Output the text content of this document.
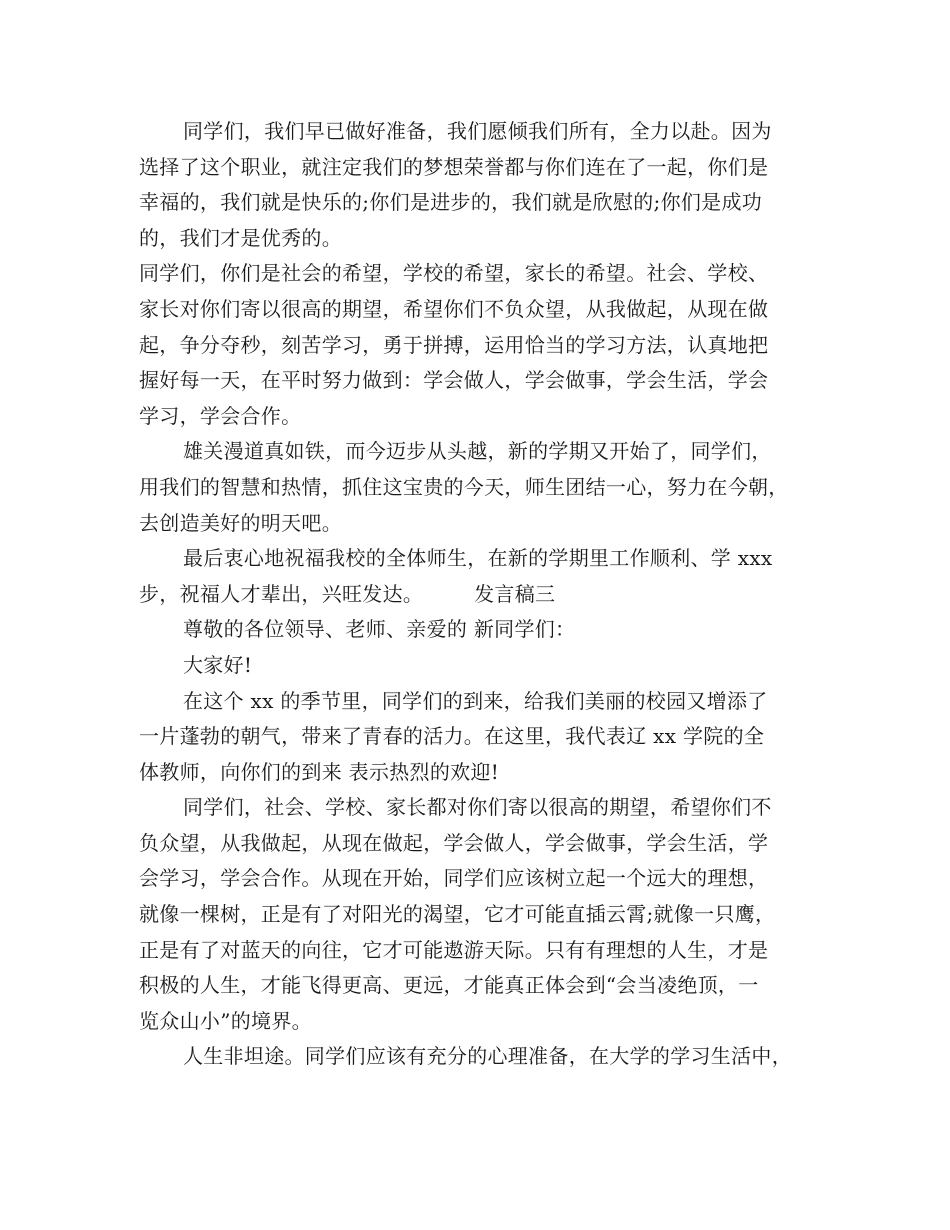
同学们，我们早已做好准备，我们愿倾我们所有，全力以赴。因为
选择了这个职业，就注定我们的梦想荣誉都与你们连在了一起，你们是
幸福的，我们就是快乐的;你们是进步的，我们就是欣慰的;你们是成功
的，我们才是优秀的。
同学们，你们是社会的希望，学校的希望，家长的希望。社会、学校、
家长对你们寄以很高的期望，希望你们不负众望，从我做起，从现在做
起，争分夺秒，刻苦学习，勇于拼搏，运用恰当的学习方法，认真地把
握好每一天，在平时努力做到：学会做人，学会做事，学会生活，学会
学习，学会合作。
雄关漫道真如铁，而今迈步从头越，新的学期又开始了，同学们，
用我们的智慧和热情，抓住这宝贵的今天，师生团结一心，努力在今朝，
去创造美好的明天吧。
最后衷心地祝福我校的全体师生，在新的学期里工作顺利、学 xxx
步，祝福人才辈出，兴旺发达。　　　发言稿三
尊敬的各位领导、老师、亲爱的 新同学们：
大家好!
在这个 xx 的季节里，同学们的到来，给我们美丽的校园又增添了
一片蓬勃的朝气，带来了青春的活力。在这里，我代表辽 xx 学院的全
体教师，向你们的到来 表示热烈的欢迎!
同学们，社会、学校、家长都对你们寄以很高的期望，希望你们不
负众望，从我做起，从现在做起，学会做人，学会做事，学会生活，学
会学习，学会合作。从现在开始，同学们应该树立起一个远大的理想，
就像一棵树，正是有了对阳光的渴望，它才可能直插云霄;就像一只鹰，
正是有了对蓝天的向往，它才可能遨游天际。只有有理想的人生，才是
积极的人生，才能飞得更高、更远，才能真正体会到“会当凌绝顶，一
览众山小”的境界。
人生非坦途。同学们应该有充分的心理准备，在大学的学习生活中，
